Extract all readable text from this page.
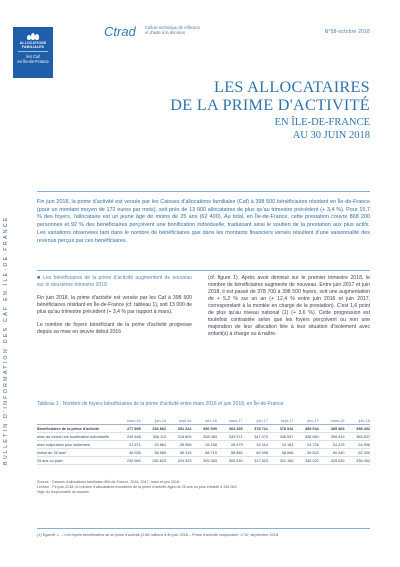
BULLETIN D'INFORMATION DES CAF EN ÎLE-DE-FRANCE
ALLOCATIONS
FAMILIALES
les Caf
en Île-de-France
Ctrad Cellule technique de réflexion
et d'aide à la décision	N°58-octobre 2018
LES ALLOCATAIRES
DE LA PRIME D'ACTIVITÉ
EN ÎLE-DE-FRANCE
AU 30 JUIN 2018
Fin juin 2018, la prime d'activité est versée par les Caisses d'allocations familiales (Caf) à 398 500 bénéficiaires résidant en Île-de-France (pour un montant moyen de 172 euros par mois), soit près de 13 000 allocataires de plus qu'au trimestre précédent (+ 3,4 %). Pour 15,7 % des foyers, l'allocataire est un jeune âgé de moins de 25 ans (62 400). Au total, en Île-de-France, cette prestation couvre 868 200 personnes et 92 % des bénéficiaires perçoivent une bonification individuelle, traduisant ainsi le soutien de la prestation aux plus actifs. Les variations observées tant dans le nombre de bénéficiaires que dans les montants financiers versés résultent d'une saisonnalité des revenus perçus par ces bénéficiaires.

■ Les bénéficiaires de la prime d'activité augmentent de nouveau sur le deuxième trimestre 2018

Fin juin 2018, la prime d'activité est versée par les Caf à 398 500 bénéficiaires résidant en Île-de-France (cf. tableau 1), soit 13 000 de plus qu'au trimestre précédent (+ 3,4 % par rapport à mars).

Le nombre de foyers bénéficiant de la prime d'activité progresse depuis sa mise en œuvre début 2016

(cf. figure 1). Après avoir diminué sur le premier trimestre 2018, le nombre de bénéficiaires augmente de nouveau. Entre juin 2017 et juin 2018, il est passé de 378 700 à 398 500 foyers, soit une augmentation de + 5,2 % sur un an (+ 12,4 % entre juin 2016 et juin 2017, correspondant à la montée en charge de la prestation). C'est 1,6 point de plus qu'au niveau national (1) (+ 3,6 %). Cette progression est toutefois contrastée selon que les foyers perçoivent ou non une majoration de leur allocation liée à leur situation d'isolement avec enfant(s) à charge ou à naître.

Tableau 1 : Nombre de foyers bénéficiaires de la prime d'activité entre mars 2016 et juin 2018, en Île-de-France
	mars-16	juin-16	sept-16	déc-16	mars-17	juin-17	sept-17	déc-17	mars-18	juin-18
Bénéficiaires de la prime d'activité	277 895	336 862	351 242	356 999	364 335	378 721	378 516	389 034	385 469	398 452
avec au moins une bonification individuelle	249 468	308 113	318 803	328 083	333 971	347 070	348 537	358 080	355 419	365 837
avec majoration pour isolement	21 571	24 861	25 555	26 168	26 479	24 414	24 163	24 726	24 475	24 596
moins de 25 ans*	46 935	56 569	56 319	58 719	58 885	60 598	58 666	59 522	60 440	62 390
25 ans ou plus*	230 960	280 813	294 923	305 283	305 530	317 623	321 150	330 022	325 039	336 062
Source : Caisses d'allocations familiales d'Île-de-France, 2016, 2017, mars et juin 2018.
Lecture : Fin juin 2018, le nombre d'allocataires franciliens de la prime d'activité âgés de 25 ans ou plus s'établit à 336 062.
*âge du responsable du dossier.
(1) Egaroff, L. – Les foyers bénéficiaires de la prime d'activité (2,66 millions à fin juin 2018 – Prime d'activité conjoncture, n°10, septembre 2018.
